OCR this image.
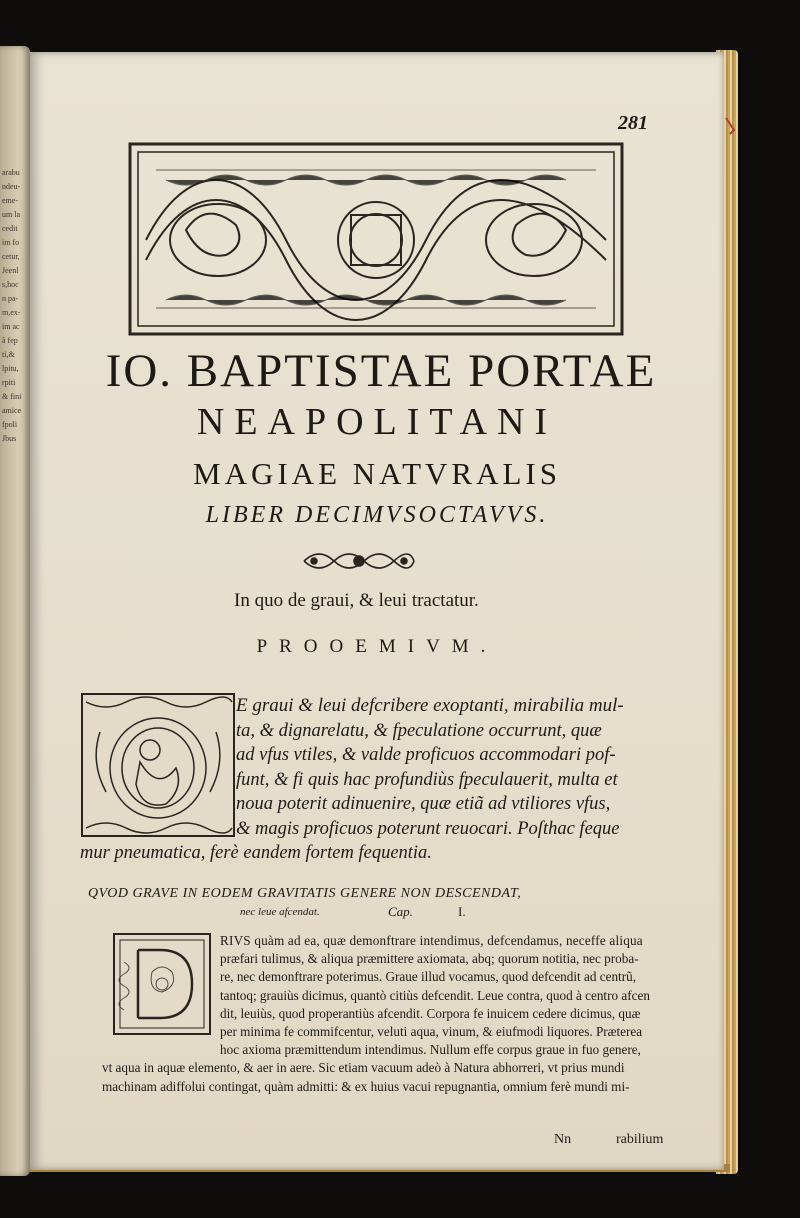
arabu
ndeu-
eme-
um la
cedit
im fo
cetur,
Jeenl
s,hoc
n pa-
m,ex-
im ac
ã fep
ti,&
lpitu,
rpiti
& fini
amice
fpoli
Jbus
281
IO. BAPTISTAE PORTAE
NEAPOLITANI
MAGIAE NATVRALIS
LIBER DECIMVSOCTAVVS.
In quo de graui, & leui tractatur.
PROOEMIVM.
E graui & leui defcribere exoptanti, mirabilia mul-
ta, & dignarelatu, & fpeculatione occurrunt, quæ
ad vfus vtiles, & valde proficuos accommodari pof-
funt, & fi quis hac profundiùs fpeculauerit, multa et
noua poterit adinuenire, quæ etiã ad vtiliores vfus,
& magis proficuos poterunt reuocari. Poſthac feque
mur pneumatica, ferè eandem fortem fequentia.
QVOD GRAVE IN EODEM GRAVITATIS GENERE NON DESCENDAT,
nec leue afcendat.	Cap.	I.
RIVS quàm ad ea, quæ demonftrare intendimus, defcendamus, neceffe aliqua
præfari tulimus, & aliqua præmittere axiomata, abq; quorum notitia, nec proba-
re, nec demonftrare poterimus. Graue illud vocamus, quod defcendit ad centrũ,
tantoq; grauiùs dicimus, quantò citiùs defcendit. Leue contra, quod à centro afcen
dit, leuiùs, quod properantiùs afcendit. Corpora fe inuicem cedere dicimus, quæ
per minima fe commifcentur, veluti aqua, vinum, & eiufmodi liquores. Præterea
hoc axioma præmittendum intendimus. Nullum effe corpus graue in fuo genere,
vt aqua in aquæ elemento, & aer in aere. Sic etiam vacuum adeò à Natura abhorreri, vt prius mundi
machinam adiffolui contingat, quàm admitti: & ex huius vacui repugnantia, omnium ferè mundi mi-
Nn	rabilium
